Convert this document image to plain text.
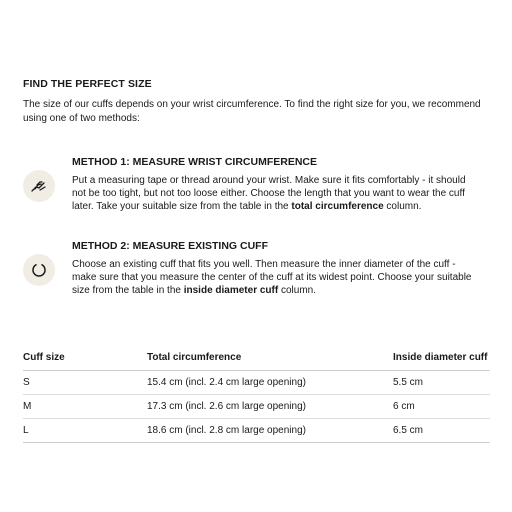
FIND THE PERFECT SIZE
The size of our cuffs depends on your wrist circumference. To find the right size for you, we recommend using one of two methods:
METHOD 1: MEASURE WRIST CIRCUMFERENCE
Put a measuring tape or thread around your wrist. Make sure it fits comfortably - it should not be too tight, but not too loose either. Choose the length that you want to wear the cuff later. Take your suitable size from the table in the total circumference column.
METHOD 2: MEASURE EXISTING CUFF
Choose an existing cuff that fits you well. Then measure the inner diameter of the cuff - make sure that you measure the center of the cuff at its widest point. Choose your suitable size from the table in the inside diameter cuff column.
Cuff size	Total circumference	Inside diameter cuff
S	15.4 cm (incl. 2.4 cm large opening)	5.5 cm
M	17.3 cm (incl. 2.6 cm large opening)	6 cm
L	18.6 cm (incl. 2.8 cm large opening)	6.5 cm
